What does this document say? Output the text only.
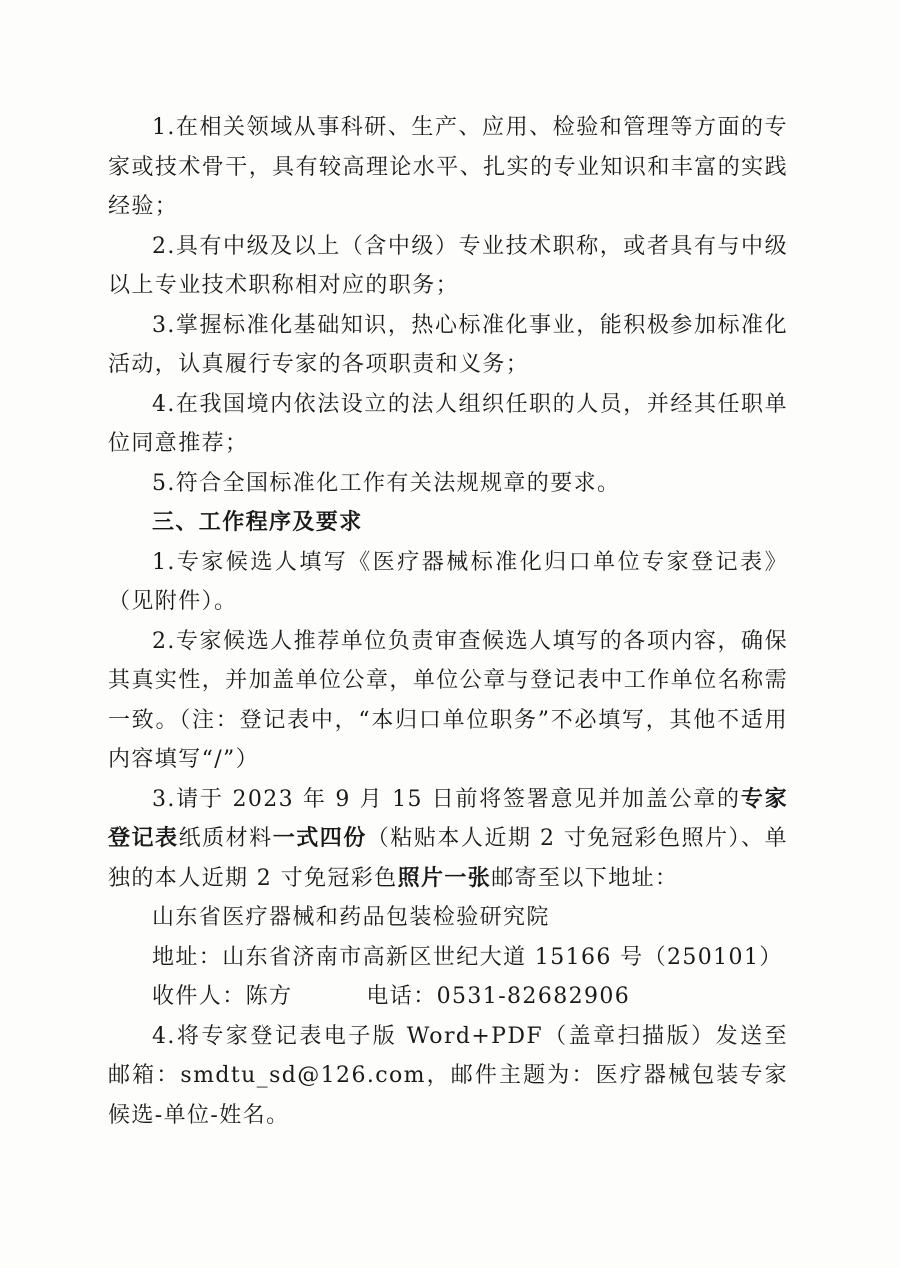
1.在相关领域从事科研、生产、应用、检验和管理等方面的专家或技术骨干，具有较高理论水平、扎实的专业知识和丰富的实践经验；

2.具有中级及以上（含中级）专业技术职称，或者具有与中级以上专业技术职称相对应的职务；

3.掌握标准化基础知识，热心标准化事业，能积极参加标准化活动，认真履行专家的各项职责和义务；

4.在我国境内依法设立的法人组织任职的人员，并经其任职单位同意推荐；

5.符合全国标准化工作有关法规规章的要求。

三、工作程序及要求

1.专家候选人填写《医疗器械标准化归口单位专家登记表》（见附件）。

2.专家候选人推荐单位负责审查候选人填写的各项内容，确保其真实性，并加盖单位公章，单位公章与登记表中工作单位名称需一致。（注：登记表中，“本归口单位职务”不必填写，其他不适用内容填写“/”）

3.请于 2023 年 9 月 15 日前将签署意见并加盖公章的专家登记表纸质材料一式四份（粘贴本人近期 2 寸免冠彩色照片）、单独的本人近期 2 寸免冠彩色照片一张邮寄至以下地址：

山东省医疗器械和药品包装检验研究院

地址：山东省济南市高新区世纪大道 15166 号（250101）

收件人：陈方	电话：0531-82682906

4.将专家登记表电子版 Word+PDF（盖章扫描版）发送至邮箱：smdtu_sd@126.com，邮件主题为：医疗器械包装专家候选-单位-姓名。
